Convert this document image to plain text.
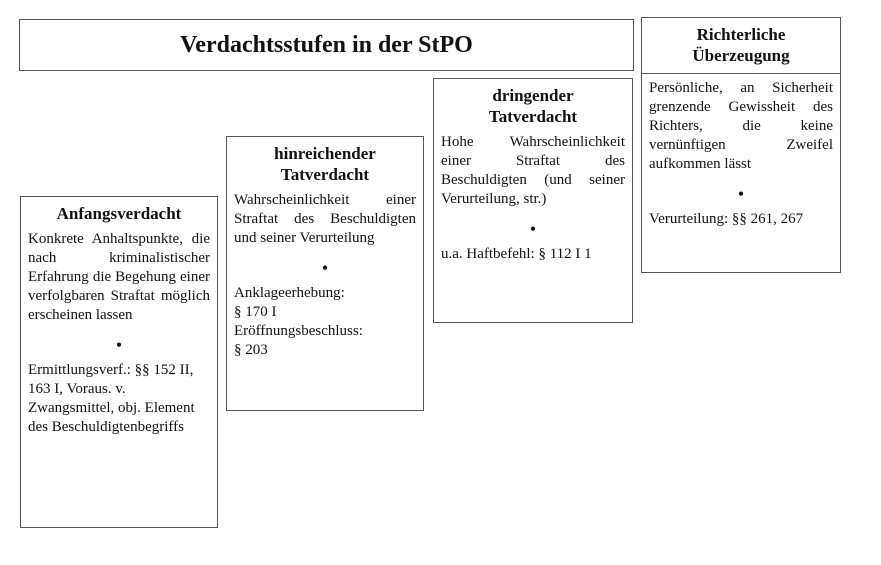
Verdachtsstufen in der StPO
Anfangsverdacht
Konkrete Anhaltspunkte, die nach kriminalistischer Erfahrung die Begehung einer verfolgbaren Straftat möglich erscheinen lassen
•
Ermittlungsverf.: §§ 152 II, 163 I, Voraus. v. Zwangsmittel, obj. Element des Beschuldigtenbegriffs
hinreichender
Tatverdacht
Wahrscheinlichkeit einer Straftat des Beschuldigten und seiner Verurteilung
•
Anklageerhebung:
§ 170 I
Eröffnungsbeschluss:
§ 203
dringender
Tatverdacht
Hohe Wahrscheinlichkeit einer Straftat des Beschuldigten (und seiner Verurteilung, str.)
•
u.a. Haftbefehl: § 112 I 1
Richterliche
Überzeugung
Persönliche, an Sicherheit grenzende Gewissheit des Richters, die keine vernünftigen Zweifel aufkommen lässt
•
Verurteilung: §§ 261, 267
